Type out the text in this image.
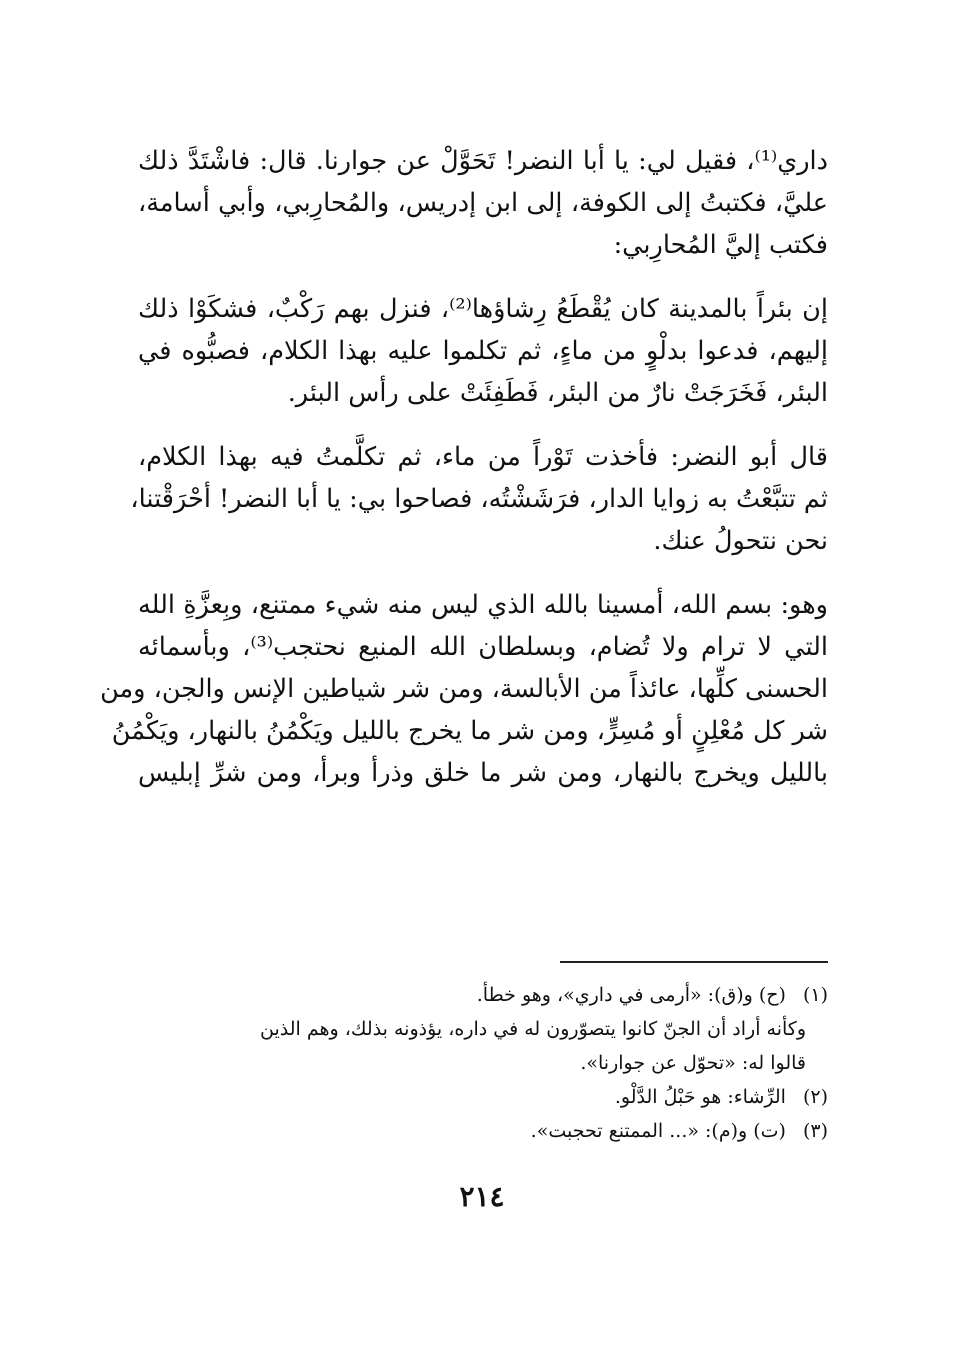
داري⁽¹⁾، فقيل لي: يا أبا النضر! تَحَوَّلْ عن جوارنا. قال: فاشْتَدَّ ذلك
عليَّ، فكتبتُ إلى الكوفة، إلى ابن إدريس، والمُحارِبي، وأبي أسامة،
فكتب إليَّ المُحارِبي:
إن بئراً بالمدينة كان يُقْطَعُ رِشاؤها⁽²⁾، فنزل بهم رَكْبٌ، فشكَوْا ذلك
إليهم، فدعوا بدلْوٍ من ماءٍ، ثم تكلموا عليه بهذا الكلام، فصبُّوه في
البئر، فَخَرَجَتْ نارٌ من البئر، فَطَفِئَتْ على رأس البئر.
قال أبو النضر: فأخذت تَوْراً من ماء، ثم تكلَّمتُ فيه بهذا الكلام،
ثم تتبَّعْتُ به زوايا الدار، فرَشَشْتُه، فصاحوا بي: يا أبا النضر! أحْرَقْتنا،
نحن نتحولُ عنك.
وهو: بسم الله، أمسينا بالله الذي ليس منه شيء ممتنع، وبِعزَّةِ الله
التي لا ترام ولا تُضام، وبسلطان الله المنيع نحتجب⁽³⁾، وبأسمائه
الحسنى كلِّها، عائذاً من الأبالسة، ومن شر شياطين الإنس والجن، ومن
شر كل مُعْلِنٍ أو مُسِرٍّ، ومن شر ما يخرج بالليل ويَكْمُنُ بالنهار، ويَكْمُنُ
بالليل ويخرج بالنهار، ومن شر ما خلق وذرأ وبرأ، ومن شرِّ إبليس
(١) (ح) و(ق): «أرمى في داري»، وهو خطأ.
وكأنه أراد أن الجنّ كانوا يتصوّرون له في داره، يؤذونه بذلك، وهم الذين
قالوا له: «تحوّل عن جوارنا».
(٢) الرِّشاء: هو حَبْلُ الدَّلْو.
(٣) (ت) و(م): «... الممتنع تحجبت».
٢١٤
